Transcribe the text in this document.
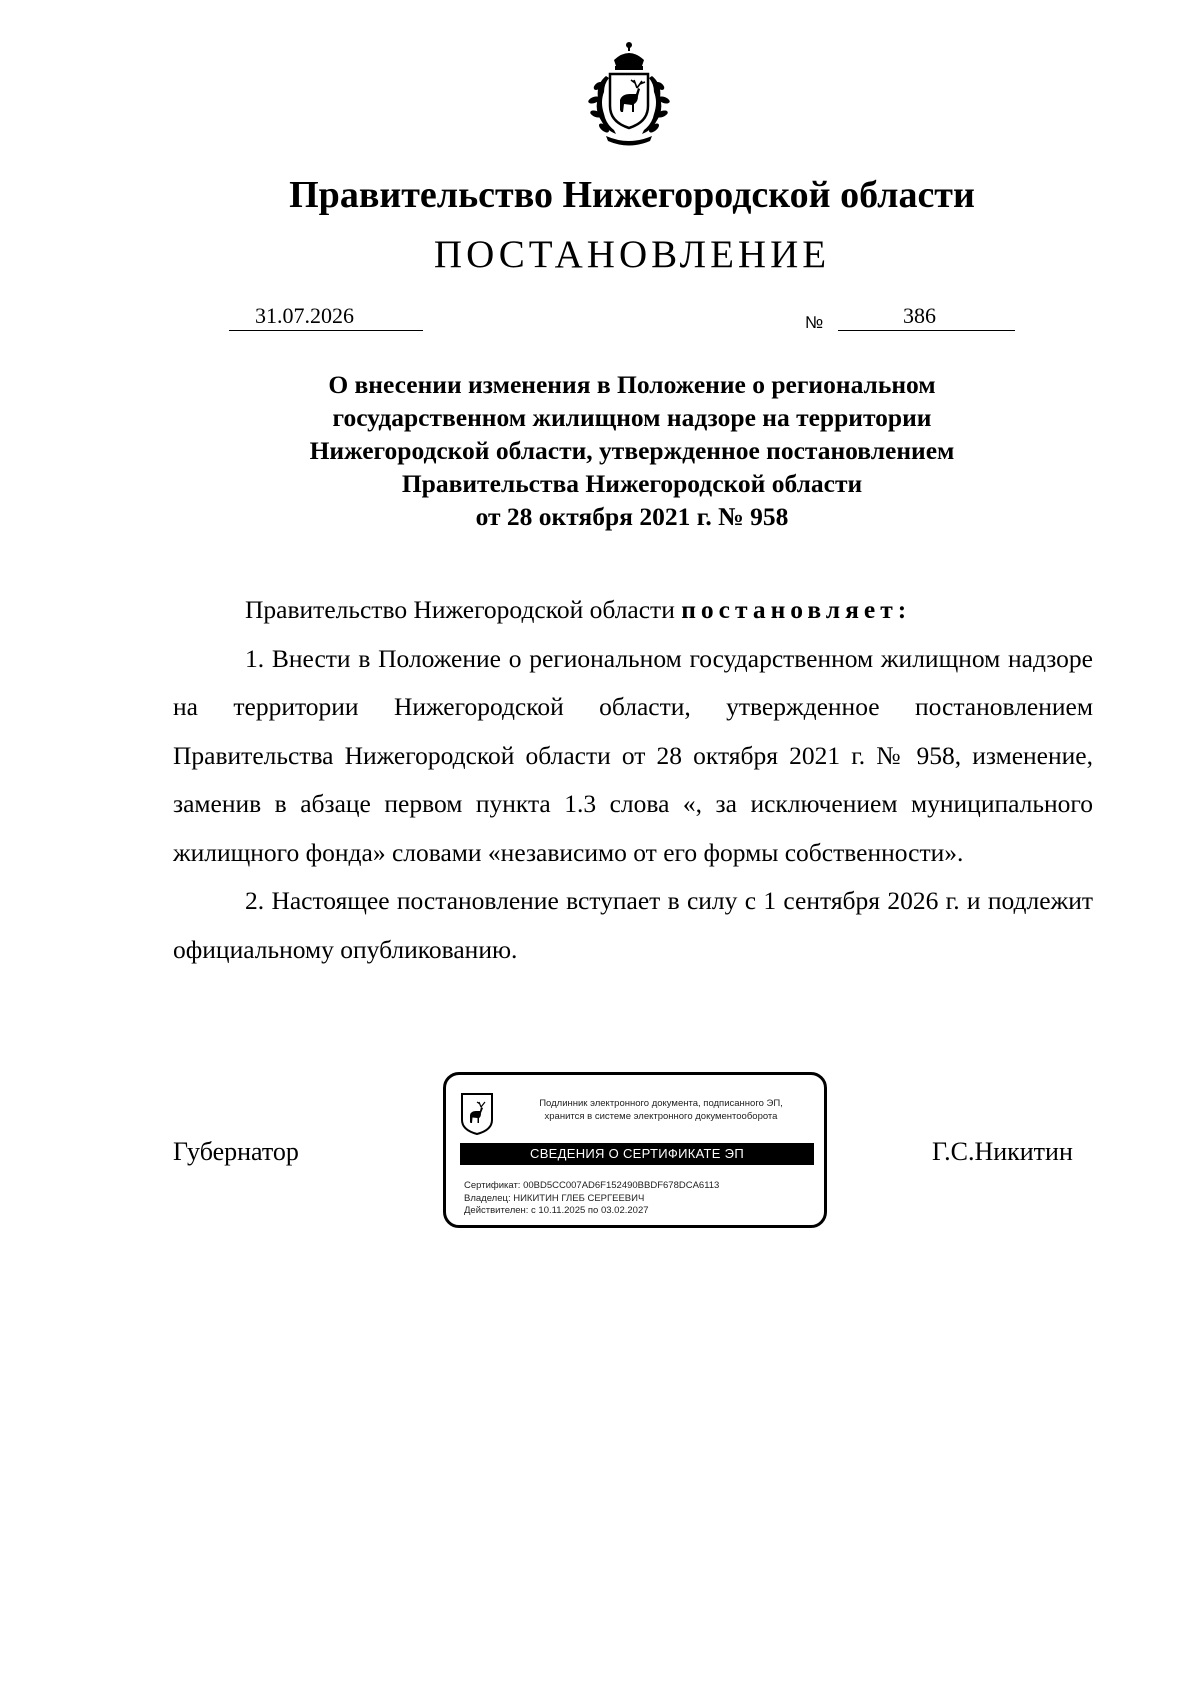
Правительство Нижегородской области
ПОСТАНОВЛЕНИЕ
31.07.2026	№	386
О внесении изменения в Положение о региональном
государственном жилищном надзоре на территории
Нижегородской области, утвержденное постановлением
Правительства Нижегородской области
от 28 октября 2021 г. № 958

Правительство Нижегородской области постановляет:

1. Внести в Положение о региональном государственном жилищном надзоре на территории Нижегородской области, утвержденное постановлением Правительства Нижегородской области от 28 октября 2021 г. № 958, изменение, заменив в абзаце первом пункта 1.3 слова «, за исключением муниципального жилищного фонда» словами «независимо от его формы собственности».

2. Настоящее постановление вступает в силу с 1 сентября 2026 г. и подлежит официальному опубликованию.

Губернатор	Г.С.Никитин
Подлинник электронного документа, подписанного ЭП,
хранится в системе электронного документооборота
СВЕДЕНИЯ О СЕРТИФИКАТЕ ЭП
Сертификат: 00BD5CC007AD6F152490BBDF678DCA6113
Владелец: НИКИТИН ГЛЕБ СЕРГЕЕВИЧ
Действителен: с 10.11.2025 по 03.02.2027
